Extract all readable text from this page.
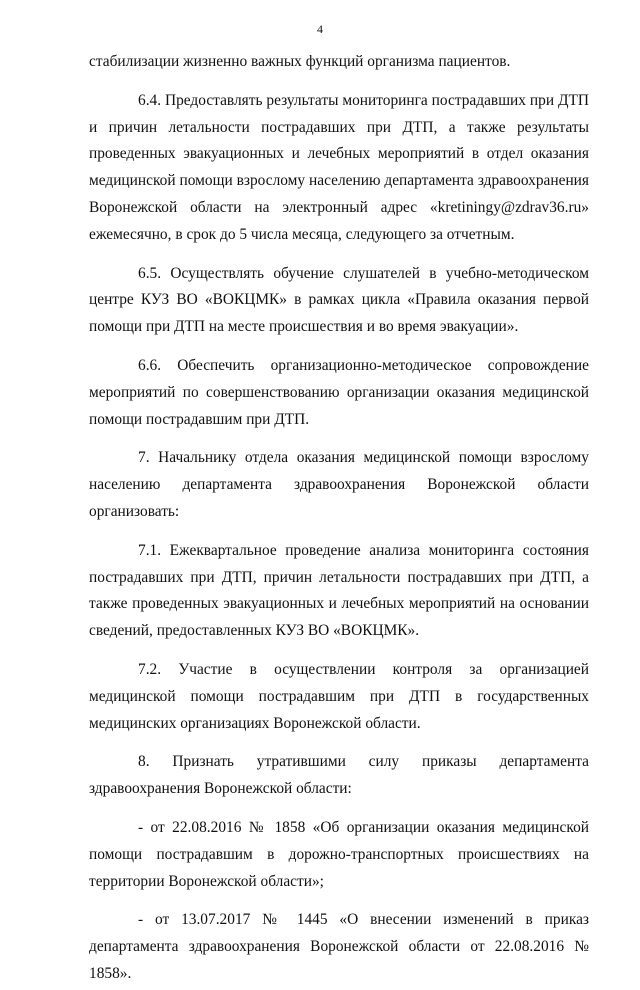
4

стабилизации жизненно важных функций организма пациентов.

6.4. Предоставлять результаты мониторинга пострадавших при ДТП и причин летальности пострадавших при ДТП, а также результаты проведенных эвакуационных и лечебных мероприятий в отдел оказания медицинской помощи взрослому населению департамента здравоохранения Воронежской области на электронный адрес «kretiningy@zdrav36.ru» ежемесячно, в срок до 5 числа месяца, следующего за отчетным.

6.5. Осуществлять обучение слушателей в учебно-методическом центре КУЗ ВО «ВОКЦМК» в рамках цикла «Правила оказания первой помощи при ДТП на месте происшествия и во время эвакуации».

6.6. Обеспечить организационно-методическое сопровождение мероприятий по совершенствованию организации оказания медицинской помощи пострадавшим при ДТП.

7. Начальнику отдела оказания медицинской помощи взрослому населению департамента здравоохранения Воронежской области организовать:

7.1. Ежеквартальное проведение анализа мониторинга состояния пострадавших при ДТП, причин летальности пострадавших при ДТП, а также проведенных эвакуационных и лечебных мероприятий на основании сведений, предоставленных КУЗ ВО «ВОКЦМК».

7.2. Участие в осуществлении контроля за организацией медицинской помощи пострадавшим при ДТП в государственных медицинских организациях Воронежской области.

8. Признать утратившими силу приказы департамента здравоохранения Воронежской области:

- от 22.08.2016 № 1858 «Об организации оказания медицинской помощи пострадавшим в дорожно-транспортных происшествиях на территории Воронежской области»;

- от 13.07.2017 № 1445 «О внесении изменений в приказ департамента здравоохранения Воронежской области от 22.08.2016 № 1858».
